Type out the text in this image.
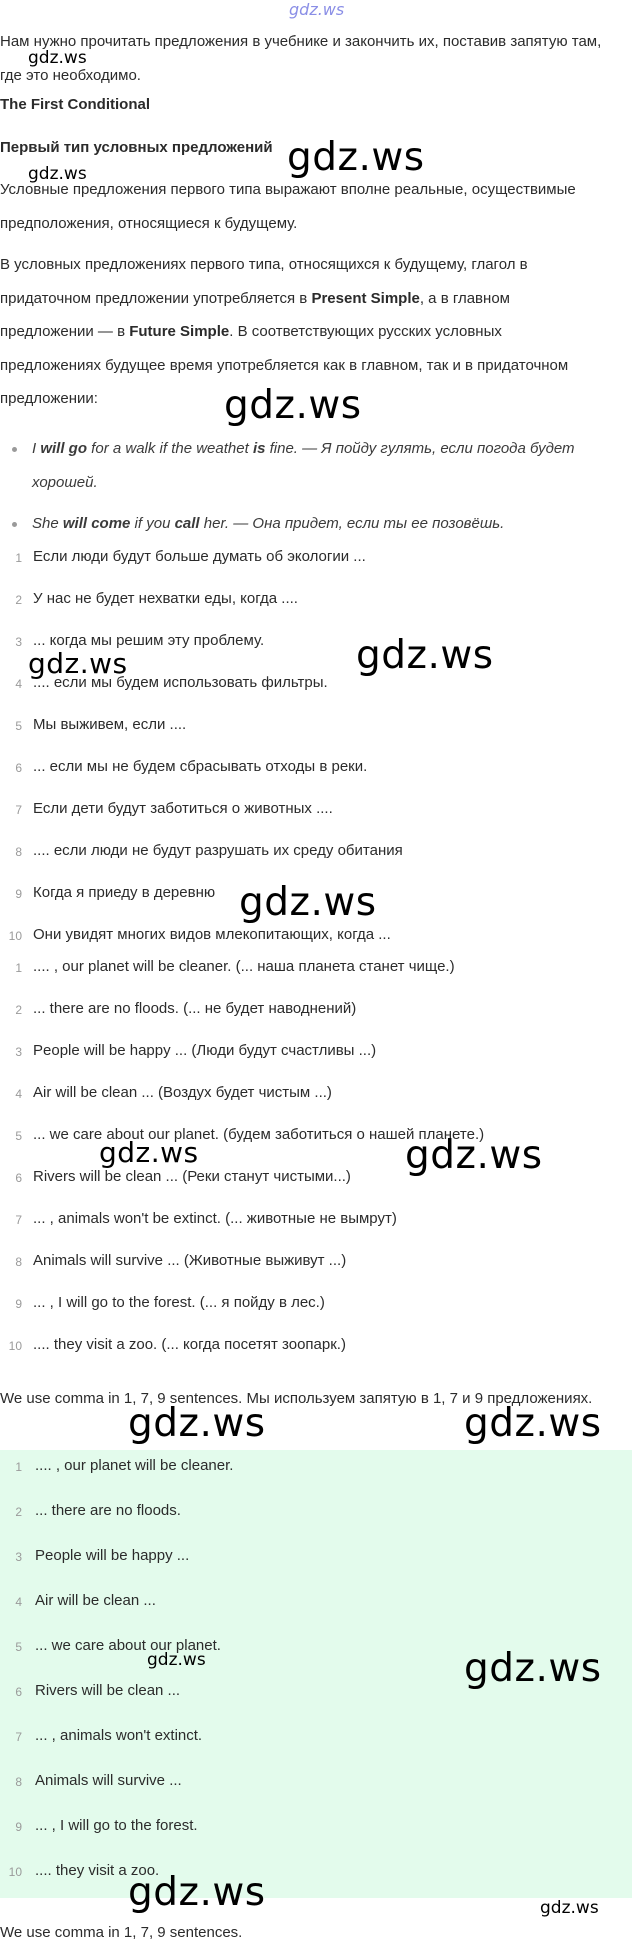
gdz.ws
Нам нужно прочитать предложения в учебнике и закончить их, поставив запятую там, где это необходимо.
The First Conditional
Первый тип условных предложений
Условные предложения первого типа выражают вполне реальные, осуществимые предположения, относящиеся к будущему.
В условных предложениях первого типа, относящихся к будущему, глагол в придаточном предложении употребляется в Present Simple, а в главном предложении — в Future Simple. В соответствующих русских условных предложениях будущее время употребляется как в главном, так и в придаточном предложении:
I will go for a walk if the weathet is fine. — Я пойду гулять, если погода будет хорошей.
She will come if you call her. — Она придет, если ты ее позовёшь.
1 Если люди будут больше думать об экологии ...
2 У нас не будет нехватки еды, когда ....
3 ... когда мы решим эту проблему.
4 .... если мы будем использовать фильтры.
5 Мы выживем, если ....
6 ... если мы не будем сбрасывать отходы в реки.
7 Если дети будут заботиться о животных ....
8 .... если люди не будут разрушать их среду обитания
9 Когда я приеду в деревню
10 Они увидят многих видов млекопитающих, когда ...
1 .... , our planet will be cleaner. (... наша планета станет чище.)
2 ... there are no floods. (... не будет наводнений)
3 People will be happy ... (Люди будут счастливы ...)
4 Air will be clean ... (Воздух будет чистым ...)
5 ... we care about our planet. (будем заботиться о нашей планете.)
6 Rivers will be clean ... (Реки станут чистыми...)
7 ... , animals won't be extinct. (... животные не вымрут)
8 Animals will survive ... (Животные выживут ...)
9 ... , I will go to the forest. (... я пойду в лес.)
10 .... they visit a zoo. (... когда посетят зоопарк.)
We use comma in 1, 7, 9 sentences. Мы используем запятую в 1, 7 и 9 предложениях.
1 .... , our planet will be cleaner.
2 ... there are no floods.
3 People will be happy ...
4 Air will be clean ...
5 ... we care about our planet.
6 Rivers will be clean ...
7 ... , animals won't extinct.
8 Animals will survive ...
9 ... , I will go to the forest.
10 .... they visit a zoo.
We use comma in 1, 7, 9 sentences.
gdz.ws
gdz.ws	gdz.ws
gdz.ws
gdz.ws	gdz.ws
gdz.ws
gdz.ws	gdz.ws
gdz.ws	gdz.ws
gdz.ws	gdz.ws
gdz.ws	gdz.ws
